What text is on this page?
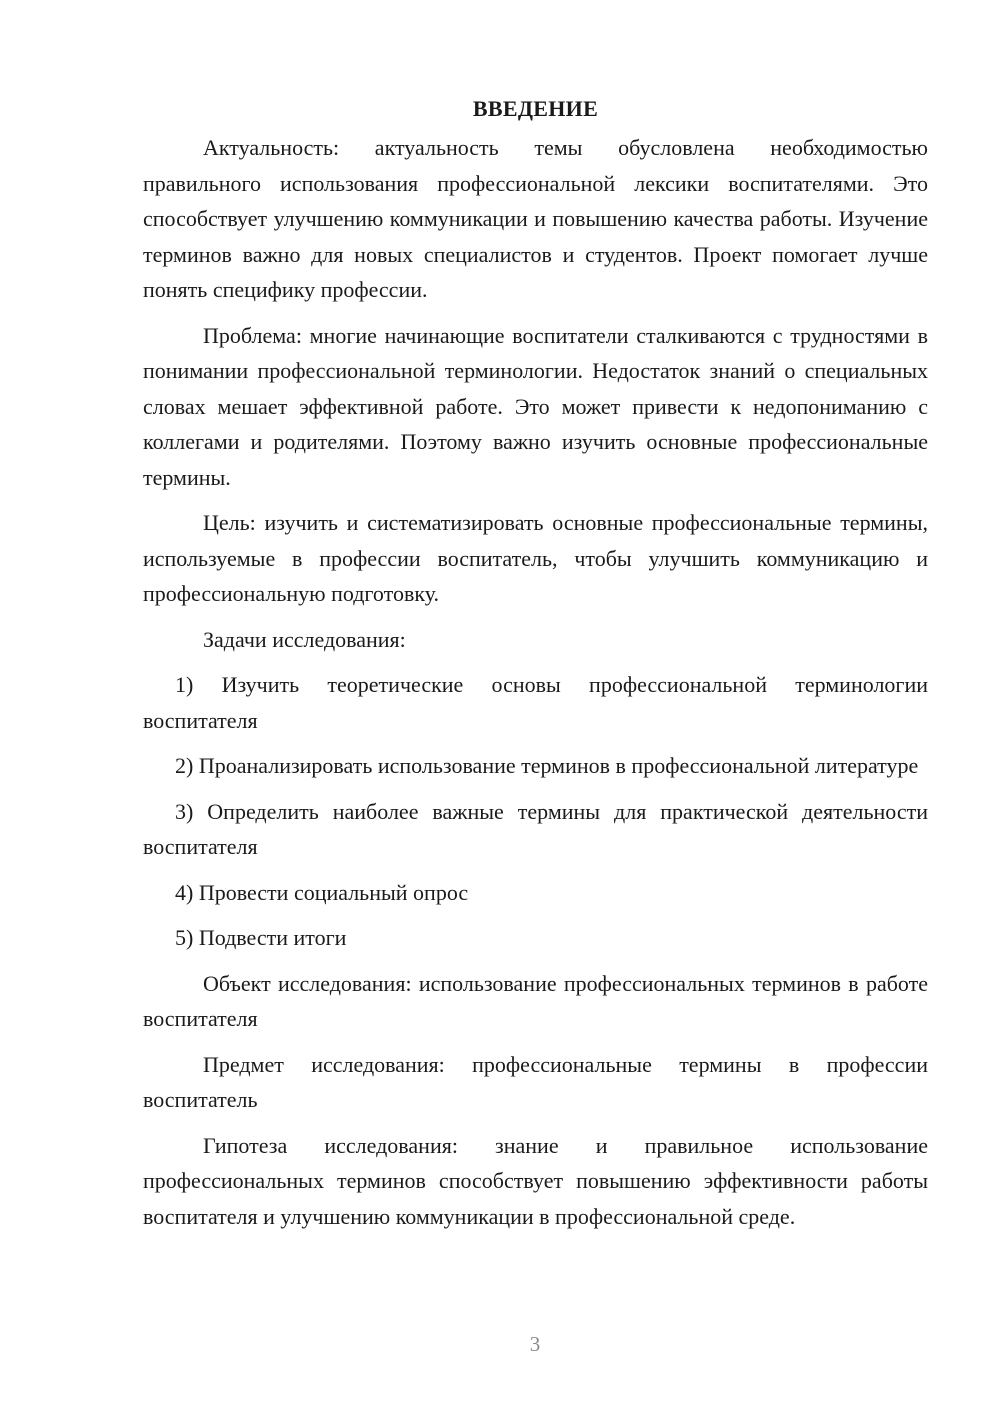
ВВЕДЕНИЕ

Актуальность: актуальность темы обусловлена необходимостью правильного использования профессиональной лексики воспитателями. Это способствует улучшению коммуникации и повышению качества работы. Изучение терминов важно для новых специалистов и студентов. Проект помогает лучше понять специфику профессии.

Проблема: многие начинающие воспитатели сталкиваются с трудностями в понимании профессиональной терминологии. Недостаток знаний о специальных словах мешает эффективной работе. Это может привести к недопониманию с коллегами и родителями. Поэтому важно изучить основные профессиональные термины.

Цель: изучить и систематизировать основные профессиональные термины, используемые в профессии воспитатель, чтобы улучшить коммуникацию и профессиональную подготовку.

Задачи исследования:

1) Изучить теоретические основы профессиональной терминологии воспитателя

2) Проанализировать использование терминов в профессиональной литературе

3) Определить наиболее важные термины для практической деятельности воспитателя

4) Провести социальный опрос

5) Подвести итоги

Объект исследования: использование профессиональных терминов в работе воспитателя

Предмет исследования: профессиональные термины в профессии воспитатель

Гипотеза исследования: знание и правильное использование профессиональных терминов способствует повышению эффективности работы воспитателя и улучшению коммуникации в профессиональной среде.

3
